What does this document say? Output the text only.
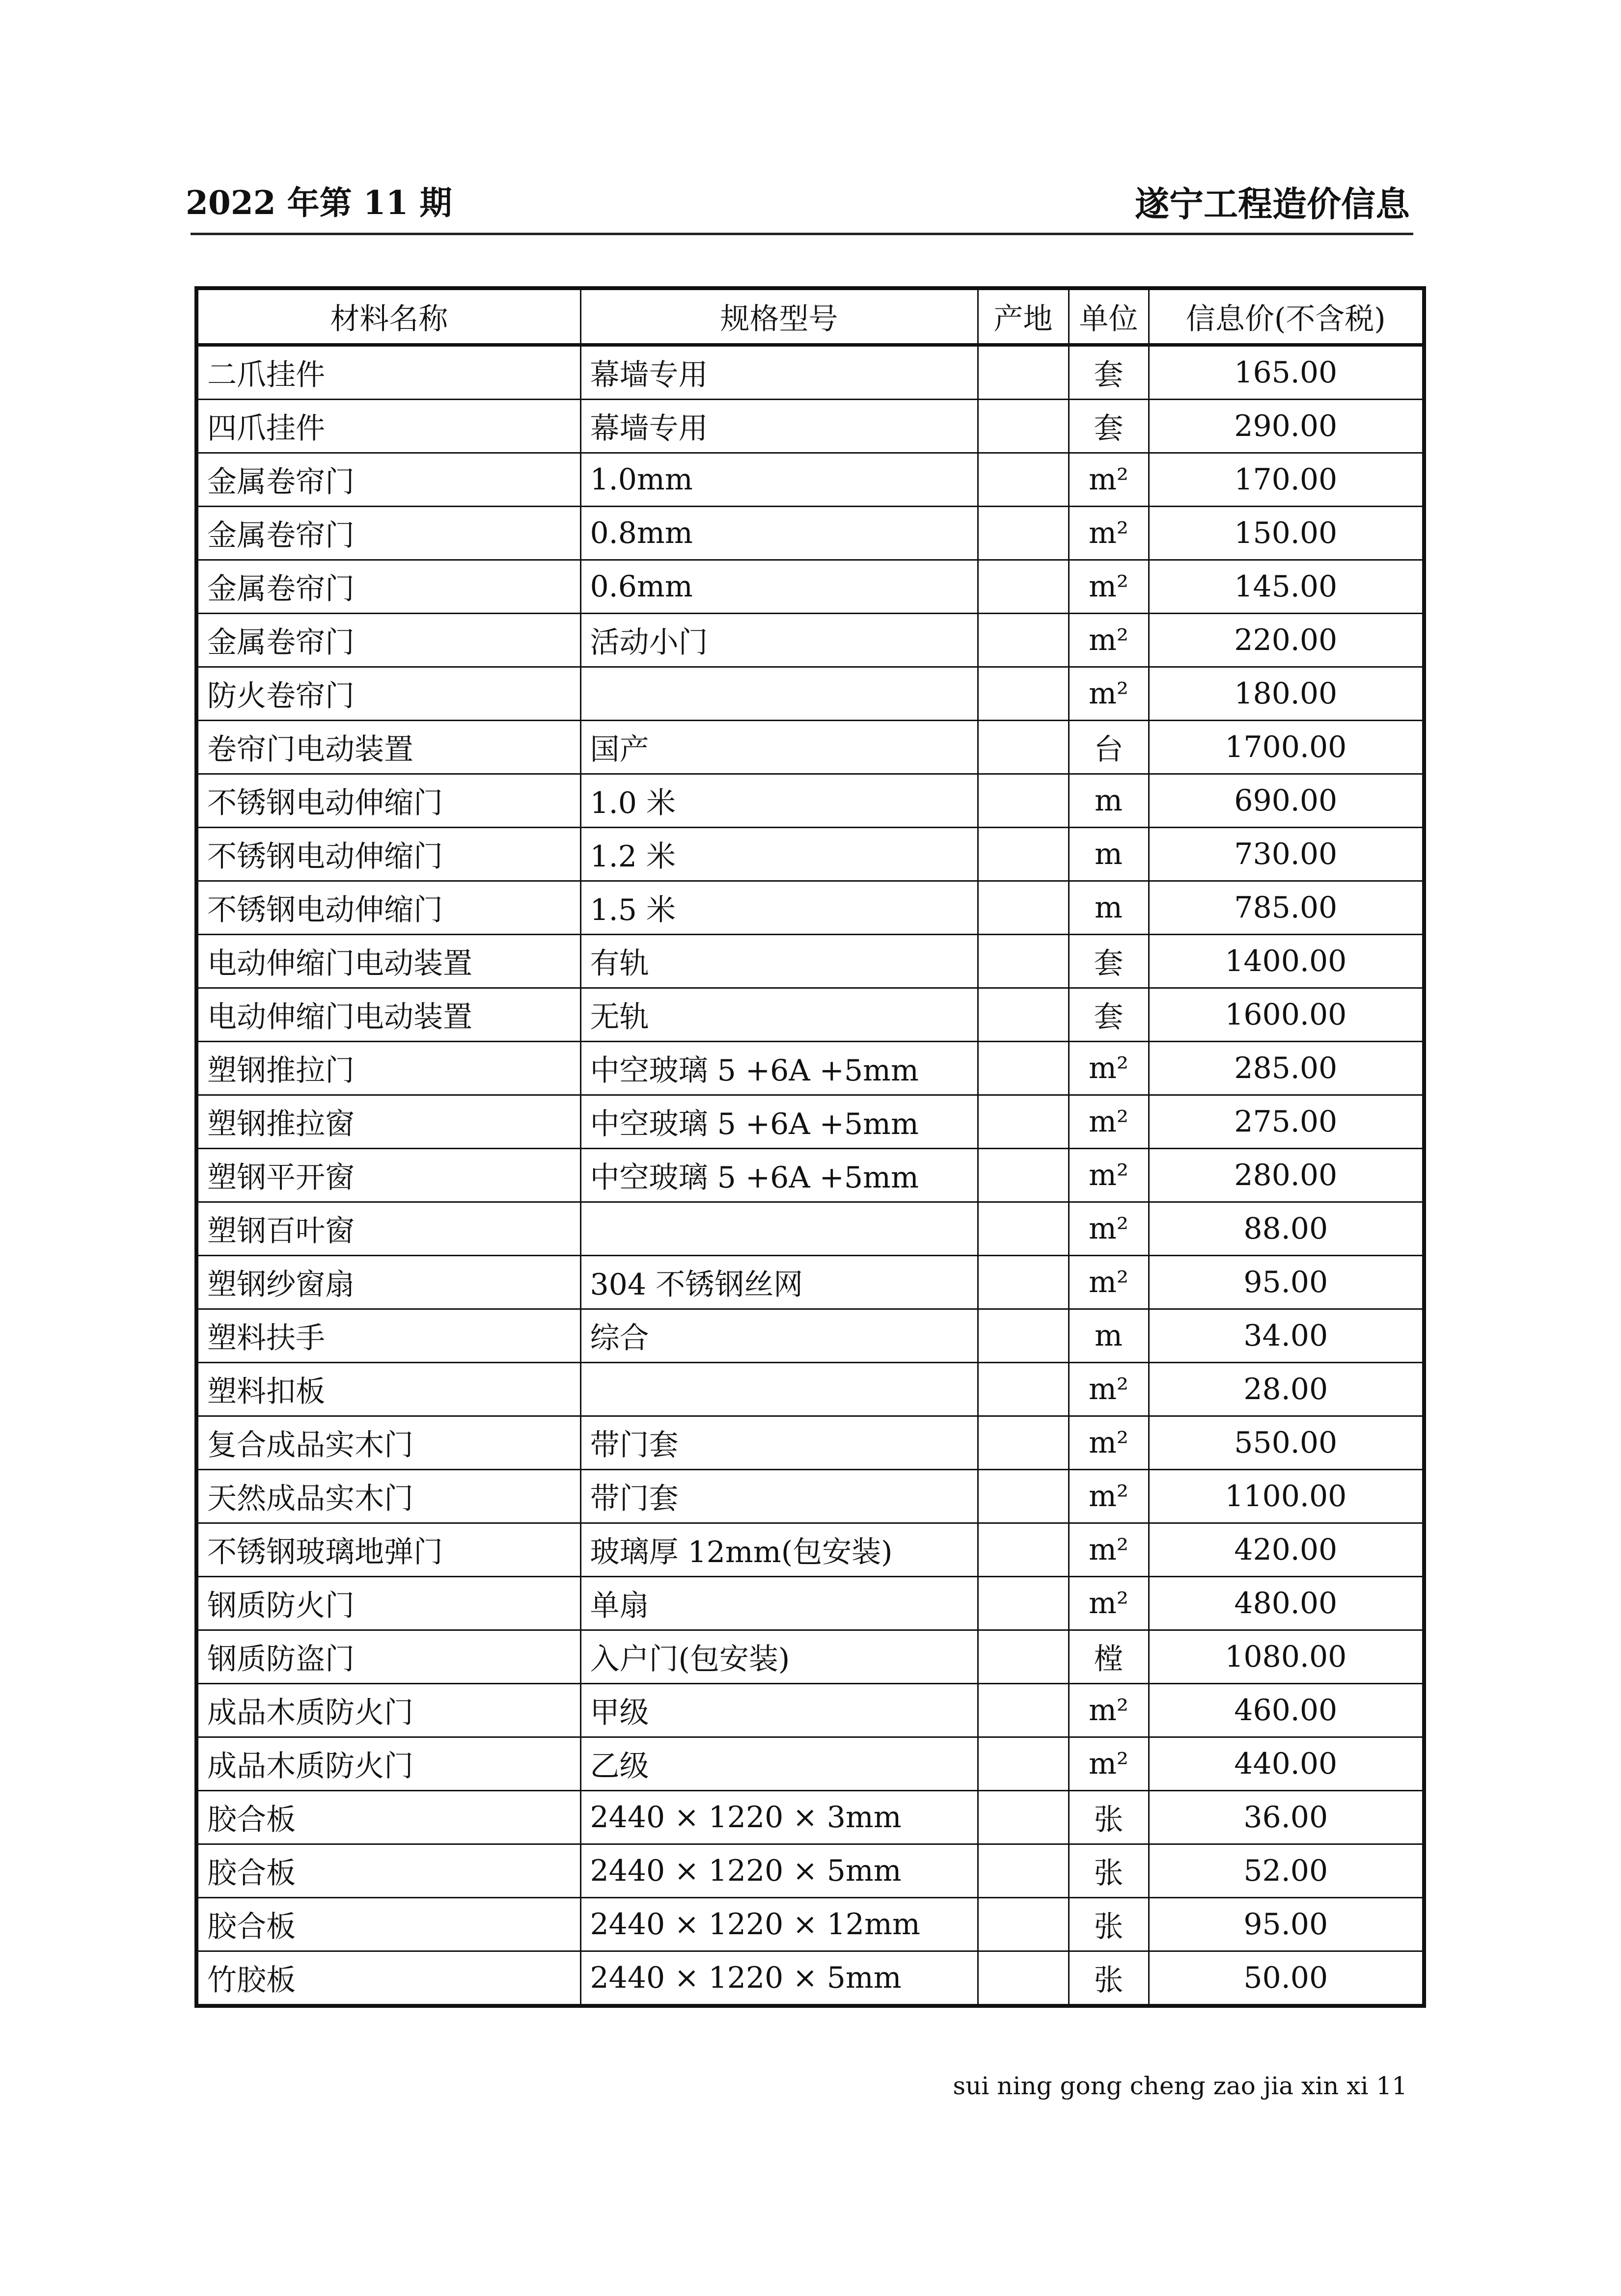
2022 年第 11 期	遂宁工程造价信息
材料名称	规格型号	产地	单位	信息价(不含税)
二爪挂件	幕墙专用		套	165.00
四爪挂件	幕墙专用		套	290.00
金属卷帘门	1.0mm		m²	170.00
金属卷帘门	0.8mm		m²	150.00
金属卷帘门	0.6mm		m²	145.00
金属卷帘门	活动小门		m²	220.00
防火卷帘门			m²	180.00
卷帘门电动装置	国产		台	1700.00
不锈钢电动伸缩门	1.0 米		m	690.00
不锈钢电动伸缩门	1.2 米		m	730.00
不锈钢电动伸缩门	1.5 米		m	785.00
电动伸缩门电动装置	有轨		套	1400.00
电动伸缩门电动装置	无轨		套	1600.00
塑钢推拉门	中空玻璃 5 +6A +5mm		m²	285.00
塑钢推拉窗	中空玻璃 5 +6A +5mm		m²	275.00
塑钢平开窗	中空玻璃 5 +6A +5mm		m²	280.00
塑钢百叶窗			m²	88.00
塑钢纱窗扇	304 不锈钢丝网		m²	95.00
塑料扶手	综合		m	34.00
塑料扣板			m²	28.00
复合成品实木门	带门套		m²	550.00
天然成品实木门	带门套		m²	1100.00
不锈钢玻璃地弹门	玻璃厚 12mm(包安装)		m²	420.00
钢质防火门	单扇		m²	480.00
钢质防盗门	入户门(包安装)		樘	1080.00
成品木质防火门	甲级		m²	460.00
成品木质防火门	乙级		m²	440.00
胶合板	2440 × 1220 × 3mm		张	36.00
胶合板	2440 × 1220 × 5mm		张	52.00
胶合板	2440 × 1220 × 12mm		张	95.00
竹胶板	2440 × 1220 × 5mm		张	50.00
sui ning gong cheng zao jia xin xi 11
